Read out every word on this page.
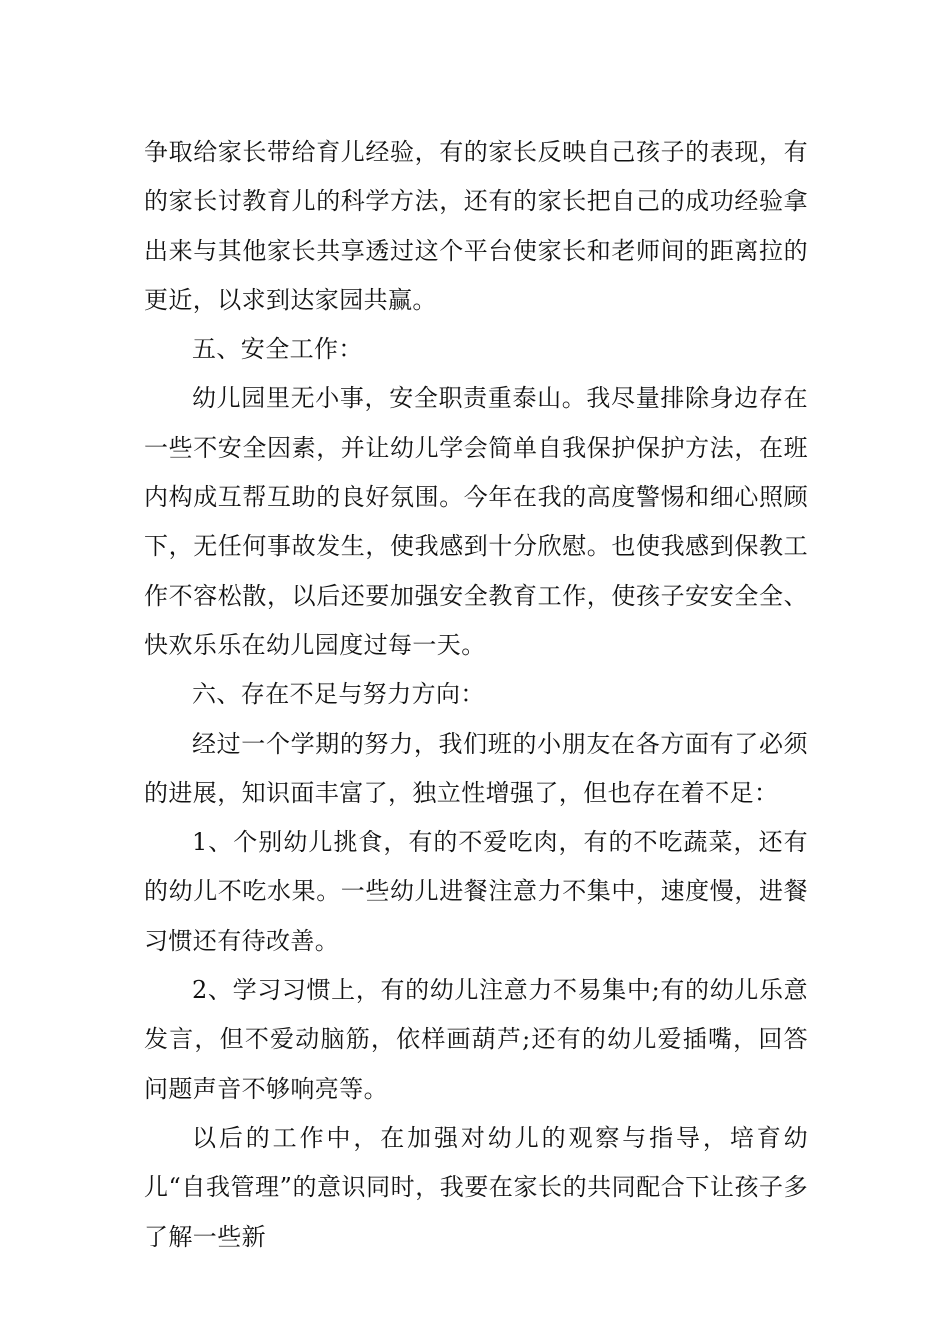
争取给家长带给育儿经验，有的家长反映自己孩子的表现，有的家长讨教育儿的科学方法，还有的家长把自己的成功经验拿出来与其他家长共享透过这个平台使家长和老师间的距离拉的更近，以求到达家园共赢。

五、安全工作：

幼儿园里无小事，安全职责重泰山。我尽量排除身边存在一些不安全因素，并让幼儿学会简单自我保护保护方法，在班内构成互帮互助的良好氛围。今年在我的高度警惕和细心照顾下，无任何事故发生，使我感到十分欣慰。也使我感到保教工作不容松散，以后还要加强安全教育工作，使孩子安安全全、快欢乐乐在幼儿园度过每一天。

六、存在不足与努力方向：

经过一个学期的努力，我们班的小朋友在各方面有了必须的进展，知识面丰富了，独立性增强了，但也存在着不足：

1、个别幼儿挑食，有的不爱吃肉，有的不吃蔬菜，还有的幼儿不吃水果。一些幼儿进餐注意力不集中，速度慢，进餐习惯还有待改善。

2、学习习惯上，有的幼儿注意力不易集中;有的幼儿乐意发言，但不爱动脑筋，依样画葫芦;还有的幼儿爱插嘴，回答问题声音不够响亮等。

以后的工作中，在加强对幼儿的观察与指导，培育幼儿“自我管理”的意识同时，我要在家长的共同配合下让孩子多了解一些新
